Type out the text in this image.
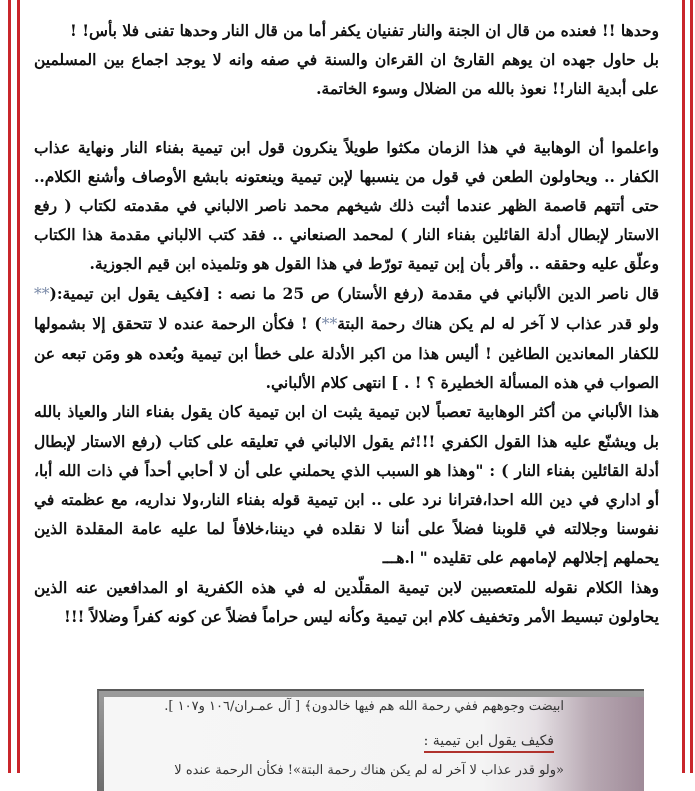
وحدها !! فعنده من قال ان الجنة والنار تفنيان يكفر أما من قال النار وحدها تفنى فلا بأس! !

بل حاول جهده ان يوهم القارئ ان القرءان والسنة في صفه وانه لا يوجد اجماع بين المسلمين على أبدية النار!! نعوذ بالله من الضلال وسوء الخاتمة.

واعلموا أن الوهابية في هذا الزمان مكثوا طويلاً ينكرون قول ابن تيمية بفناء النار ونهاية عذاب الكفار .. ويحاولون الطعن في قول من ينسبها لإبن تيمية وينعتونه بابشع الأوصاف وأشنع الكلام.. حتى أتتهم قاصمة الظهر عندما أثبت ذلك شيخهم محمد ناصر الالباني في مقدمته لكتاب ( رفع الاستار لإبطال أدلة القائلين بفناء النار ) لمحمد الصنعاني .. فقد كتب الالباني مقدمة هذا الكتاب وعلّق عليه وحققه .. وأقر بأن إبن تيمية تورّط في هذا القول هو وتلميذه ابن قيم الجوزية.

قال ناصر الدين الألباني في مقدمة (رفع الأستار) ص 25 ما نصه : [فكيف يقول ابن تيمية:(** ولو قدر عذاب لا آخر له لم يكن هناك رحمة البتة**) ! فكأن الرحمة عنده لا تتحقق إلا بشمولها للكفار المعاندين الطاغين ! أليس هذا من اكبر الأدلة على خطأ ابن تيمية وبُعده هو ومَن تبعه عن الصواب في هذه المسألة الخطيرة ؟ ! . ] انتهى كلام الألباني.

هذا الألباني من أكثر الوهابية تعصباً لابن تيمية يثبت ان ابن تيمية كان يقول بفناء النار والعياذ بالله بل ويشنّع عليه هذا القول الكفري !!!ثم يقول الالباني في تعليقه على كتاب (رفع الاستار لإبطال أدلة القائلين بفناء النار ) : "وهذا هو السبب الذي يحملني على أن لا أحابي أحداً في ذات الله أبا، أو اداري في دين الله احدا،فترانا نرد على .. ابن تيمية قوله بفناء النار،ولا نداريه، مع عظمته في نفوسنا وجلالته في قلوبنا فضلاً على أننا لا نقلده في ديننا،خلافاً لما عليه عامة المقلدة الذين يحملهم إجلالهم لإمامهم على تقليده " ا.هـــ

وهذا الكلام نقوله للمتعصبين لابن تيمية المقلّدين له في هذه الكفرية او المدافعين عنه الذين يحاولون تبسيط الأمر وتخفيف كلام ابن تيمية وكأنه ليس حراماً فضلاً عن كونه كفراً وضلالاً !!!

ابيضت وجوههم ففي رحمة الله هم فيها خالدون﴾ [ آل عمـران/١٠٦ و١٠٧ ].
فكيف يقول ابن تيمية :
«ولو قدر عذاب لا آخر له لم يكن هناك رحمة البتة»! فكأن الرحمة عنده لا
